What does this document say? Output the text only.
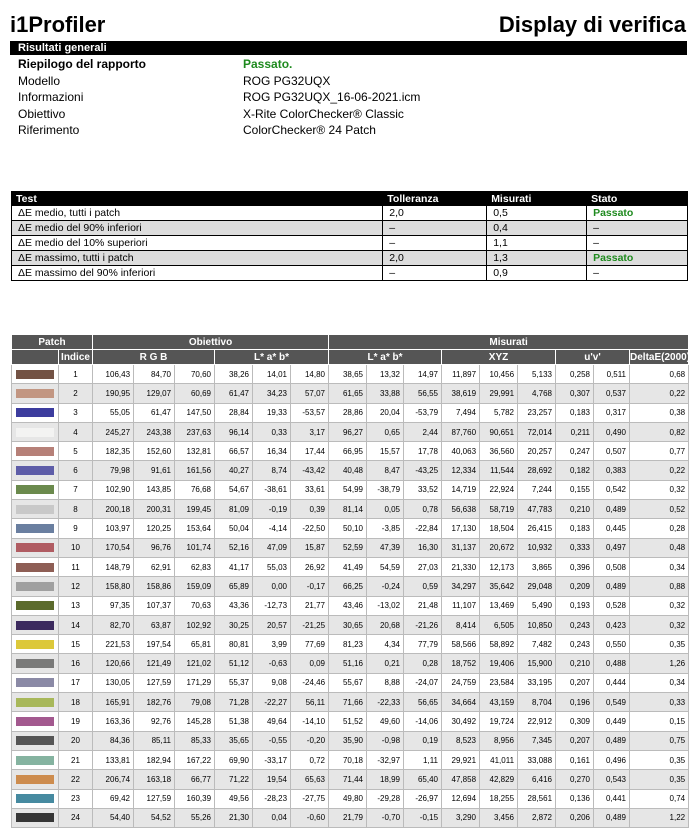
i1Profiler	Display di verifica
Risultati generali
Riepilogo del rapporto	Passato.
Modello	ROG PG32UQX
Informazioni	ROG PG32UQX_16-06-2021.icm
Obiettivo	X-Rite ColorChecker® Classic
Riferimento	ColorChecker® 24 Patch
Test	Tolleranza	Misurati	Stato
ΔE medio, tutti i patch	2,0	0,5	Passato
ΔE medio del 90% inferiori	–	0,4	–
ΔE medio del 10% superiori	–	1,1	–
ΔE massimo, tutti i patch	2,0	1,3	Passato
ΔE massimo del 90% inferiori	–	0,9	–
Patch		Obiettivo						Misurati								
	Indice	R G B			L* a* b*			L* a* b*			XYZ			u'v'		DeltaE(2000)

	1	106,43	84,70	70,60	38,26	14,01	14,80	38,65	13,32	14,97	11,897	10,456	5,133	0,258	0,511	0,68

	2	190,95	129,07	60,69	61,47	34,23	57,07	61,65	33,88	56,55	38,619	29,991	4,768	0,307	0,537	0,22

	3	55,05	61,47	147,50	28,84	19,33	-53,57	28,86	20,04	-53,79	7,494	5,782	23,257	0,183	0,317	0,38

	4	245,27	243,38	237,63	96,14	0,33	3,17	96,27	0,65	2,44	87,760	90,651	72,014	0,211	0,490	0,82

	5	182,35	152,60	132,81	66,57	16,34	17,44	66,95	15,57	17,78	40,063	36,560	20,257	0,247	0,507	0,77

	6	79,98	91,61	161,56	40,27	8,74	-43,42	40,48	8,47	-43,25	12,334	11,544	28,692	0,182	0,383	0,22

	7	102,90	143,85	76,68	54,67	-38,61	33,61	54,99	-38,79	33,52	14,719	22,924	7,244	0,155	0,542	0,32

	8	200,18	200,31	199,45	81,09	-0,19	0,39	81,14	0,05	0,78	56,638	58,719	47,783	0,210	0,489	0,52

	9	103,97	120,25	153,64	50,04	-4,14	-22,50	50,10	-3,85	-22,84	17,130	18,504	26,415	0,183	0,445	0,28

	10	170,54	96,76	101,74	52,16	47,09	15,87	52,59	47,39	16,30	31,137	20,672	10,932	0,333	0,497	0,48

	11	148,79	62,91	62,83	41,17	55,03	26,92	41,49	54,59	27,03	21,330	12,173	3,865	0,396	0,508	0,34

	12	158,80	158,86	159,09	65,89	0,00	-0,17	66,25	-0,24	0,59	34,297	35,642	29,048	0,209	0,489	0,88

	13	97,35	107,37	70,63	43,36	-12,73	21,77	43,46	-13,02	21,48	11,107	13,469	5,490	0,193	0,528	0,32

	14	82,70	63,87	102,92	30,25	20,57	-21,25	30,65	20,68	-21,26	8,414	6,505	10,850	0,243	0,423	0,32

	15	221,53	197,54	65,81	80,81	3,99	77,69	81,23	4,34	77,79	58,566	58,892	7,482	0,243	0,550	0,35

	16	120,66	121,49	121,02	51,12	-0,63	0,09	51,16	0,21	0,28	18,752	19,406	15,900	0,210	0,488	1,26

	17	130,05	127,59	171,29	55,37	9,08	-24,46	55,67	8,88	-24,07	24,759	23,584	33,195	0,207	0,444	0,34

	18	165,91	182,76	79,08	71,28	-22,27	56,11	71,66	-22,33	56,65	34,664	43,159	8,704	0,196	0,549	0,33

	19	163,36	92,76	145,28	51,38	49,64	-14,10	51,52	49,60	-14,06	30,492	19,724	22,912	0,309	0,449	0,15

	20	84,36	85,11	85,33	35,65	-0,55	-0,20	35,90	-0,98	0,19	8,523	8,956	7,345	0,207	0,489	0,75

	21	133,81	182,94	167,22	69,90	-33,17	0,72	70,18	-32,97	1,11	29,921	41,011	33,088	0,161	0,496	0,35

	22	206,74	163,18	66,77	71,22	19,54	65,63	71,44	18,99	65,40	47,858	42,829	6,416	0,270	0,543	0,35

	23	69,42	127,59	160,39	49,56	-28,23	-27,75	49,80	-29,28	-26,97	12,694	18,255	28,561	0,136	0,441	0,74

	24	54,40	54,52	55,26	21,30	0,04	-0,60	21,79	-0,70	-0,15	3,290	3,456	2,872	0,206	0,489	1,22
